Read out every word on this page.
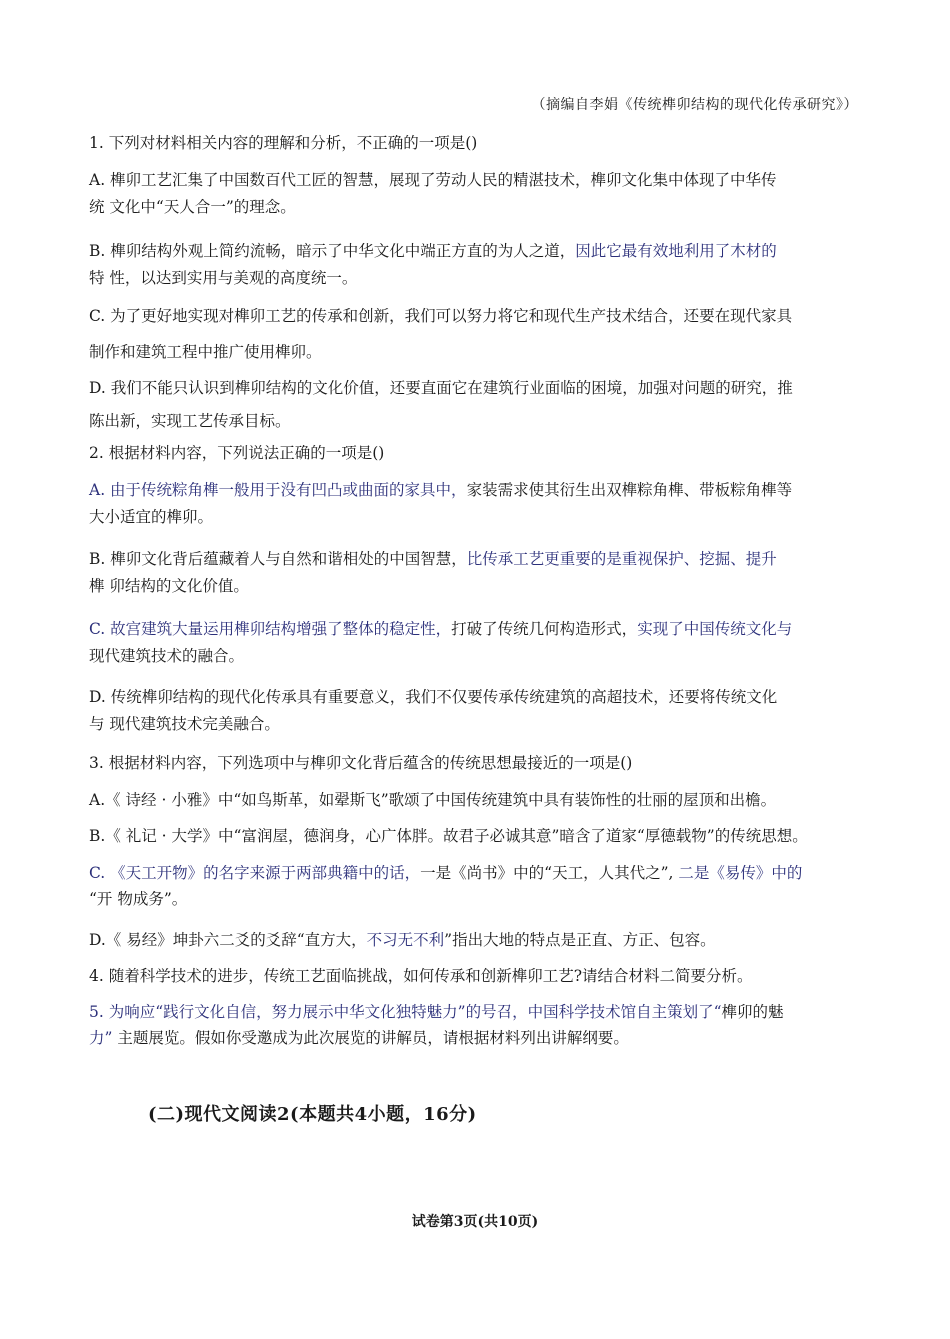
（摘编自李娟《传统榫卯结构的现代化传承研究》）
1. 下列对材料相关内容的理解和分析，不正确的一项是()
A. 榫卯工艺汇集了中国数百代工匠的智慧，展现了劳动人民的精湛技术，榫卯文化集中体现了中华传
统 文化中“天人合一”的理念。
B. 榫卯结构外观上简约流畅，暗示了中华文化中端正方直的为人之道，因此它最有效地利用了木材的
特 性，以达到实用与美观的高度统一。
C. 为了更好地实现对榫卯工艺的传承和创新，我们可以努力将它和现代生产技术结合，还要在现代家具
制作和建筑工程中推广使用榫卯。
D. 我们不能只认识到榫卯结构的文化价值，还要直面它在建筑行业面临的困境，加强对问题的研究，推
陈出新，实现工艺传承目标。
2. 根据材料内容，下列说法正确的一项是()
A. 由于传统粽角榫一般用于没有凹凸或曲面的家具中，家装需求使其衍生出双榫粽角榫、带板粽角榫等
大小适宜的榫卯。
B. 榫卯文化背后蕴藏着人与自然和谐相处的中国智慧，比传承工艺更重要的是重视保护、挖掘、提升
榫 卯结构的文化价值。
C. 故宫建筑大量运用榫卯结构增强了整体的稳定性，打破了传统几何构造形式，实现了中国传统文化与
现代建筑技术的融合。
D. 传统榫卯结构的现代化传承具有重要意义，我们不仅要传承传统建筑的高超技术，还要将传统文化
与 现代建筑技术完美融合。
3. 根据材料内容，下列选项中与榫卯文化背后蕴含的传统思想最接近的一项是()
A.《 诗经 · 小雅》中“如鸟斯革，如翚斯飞”歌颂了中国传统建筑中具有装饰性的壮丽的屋顶和出檐。
B.《 礼记 · 大学》中“富润屋，德润身，心广体胖。故君子必诚其意”暗含了道家“厚德载物”的传统思想。
C. 《天工开物》的名字来源于两部典籍中的话，一是《尚书》中的“天工，人其代之”, 二是《易传》中的
“开 物成务”。
D.《 易经》坤卦六二爻的爻辞“直方大，不习无不利”指出大地的特点是正直、方正、包容。
4. 随着科学技术的进步，传统工艺面临挑战，如何传承和创新榫卯工艺?请结合材料二简要分析。
5. 为响应“践行文化自信，努力展示中华文化独特魅力”的号召，中国科学技术馆自主策划了“榫卯的魅
力” 主题展览。假如你受邀成为此次展览的讲解员，请根据材料列出讲解纲要。
(二)现代文阅读2(本题共4小题，16分)
试卷第3页(共10页)
